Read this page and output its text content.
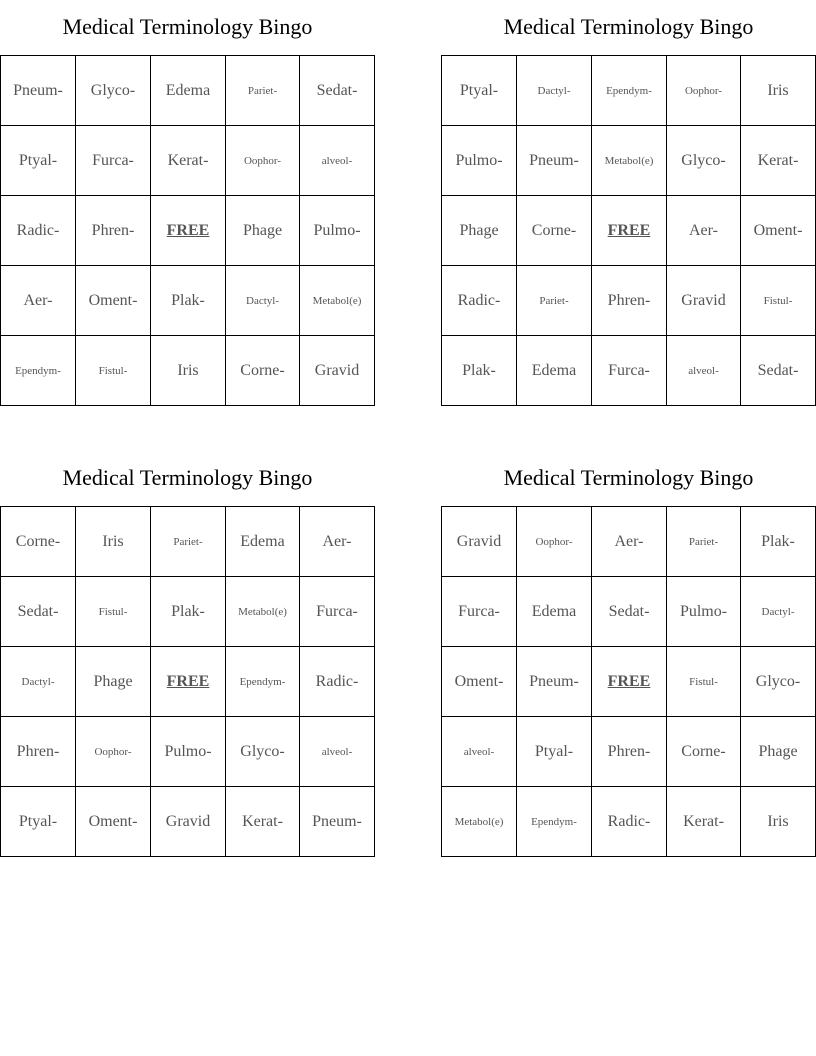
Medical Terminology Bingo
Pneum-	Glyco-	Edema	Pariet-	Sedat-
Ptyal-	Furca-	Kerat-	Oophor-	alveol-
Radic-	Phren-	FREE	Phage	Pulmo-
Aer-	Oment-	Plak-	Dactyl-	Metabol(e)
Ependym-	Fistul-	Iris	Corne-	Gravid
Medical Terminology Bingo
Ptyal-	Dactyl-	Ependym-	Oophor-	Iris
Pulmo-	Pneum-	Metabol(e)	Glyco-	Kerat-
Phage	Corne-	FREE	Aer-	Oment-
Radic-	Pariet-	Phren-	Gravid	Fistul-
Plak-	Edema	Furca-	alveol-	Sedat-
Medical Terminology Bingo
Corne-	Iris	Pariet-	Edema	Aer-
Sedat-	Fistul-	Plak-	Metabol(e)	Furca-
Dactyl-	Phage	FREE	Ependym-	Radic-
Phren-	Oophor-	Pulmo-	Glyco-	alveol-
Ptyal-	Oment-	Gravid	Kerat-	Pneum-
Medical Terminology Bingo
Gravid	Oophor-	Aer-	Pariet-	Plak-
Furca-	Edema	Sedat-	Pulmo-	Dactyl-
Oment-	Pneum-	FREE	Fistul-	Glyco-
alveol-	Ptyal-	Phren-	Corne-	Phage
Metabol(e)	Ependym-	Radic-	Kerat-	Iris
